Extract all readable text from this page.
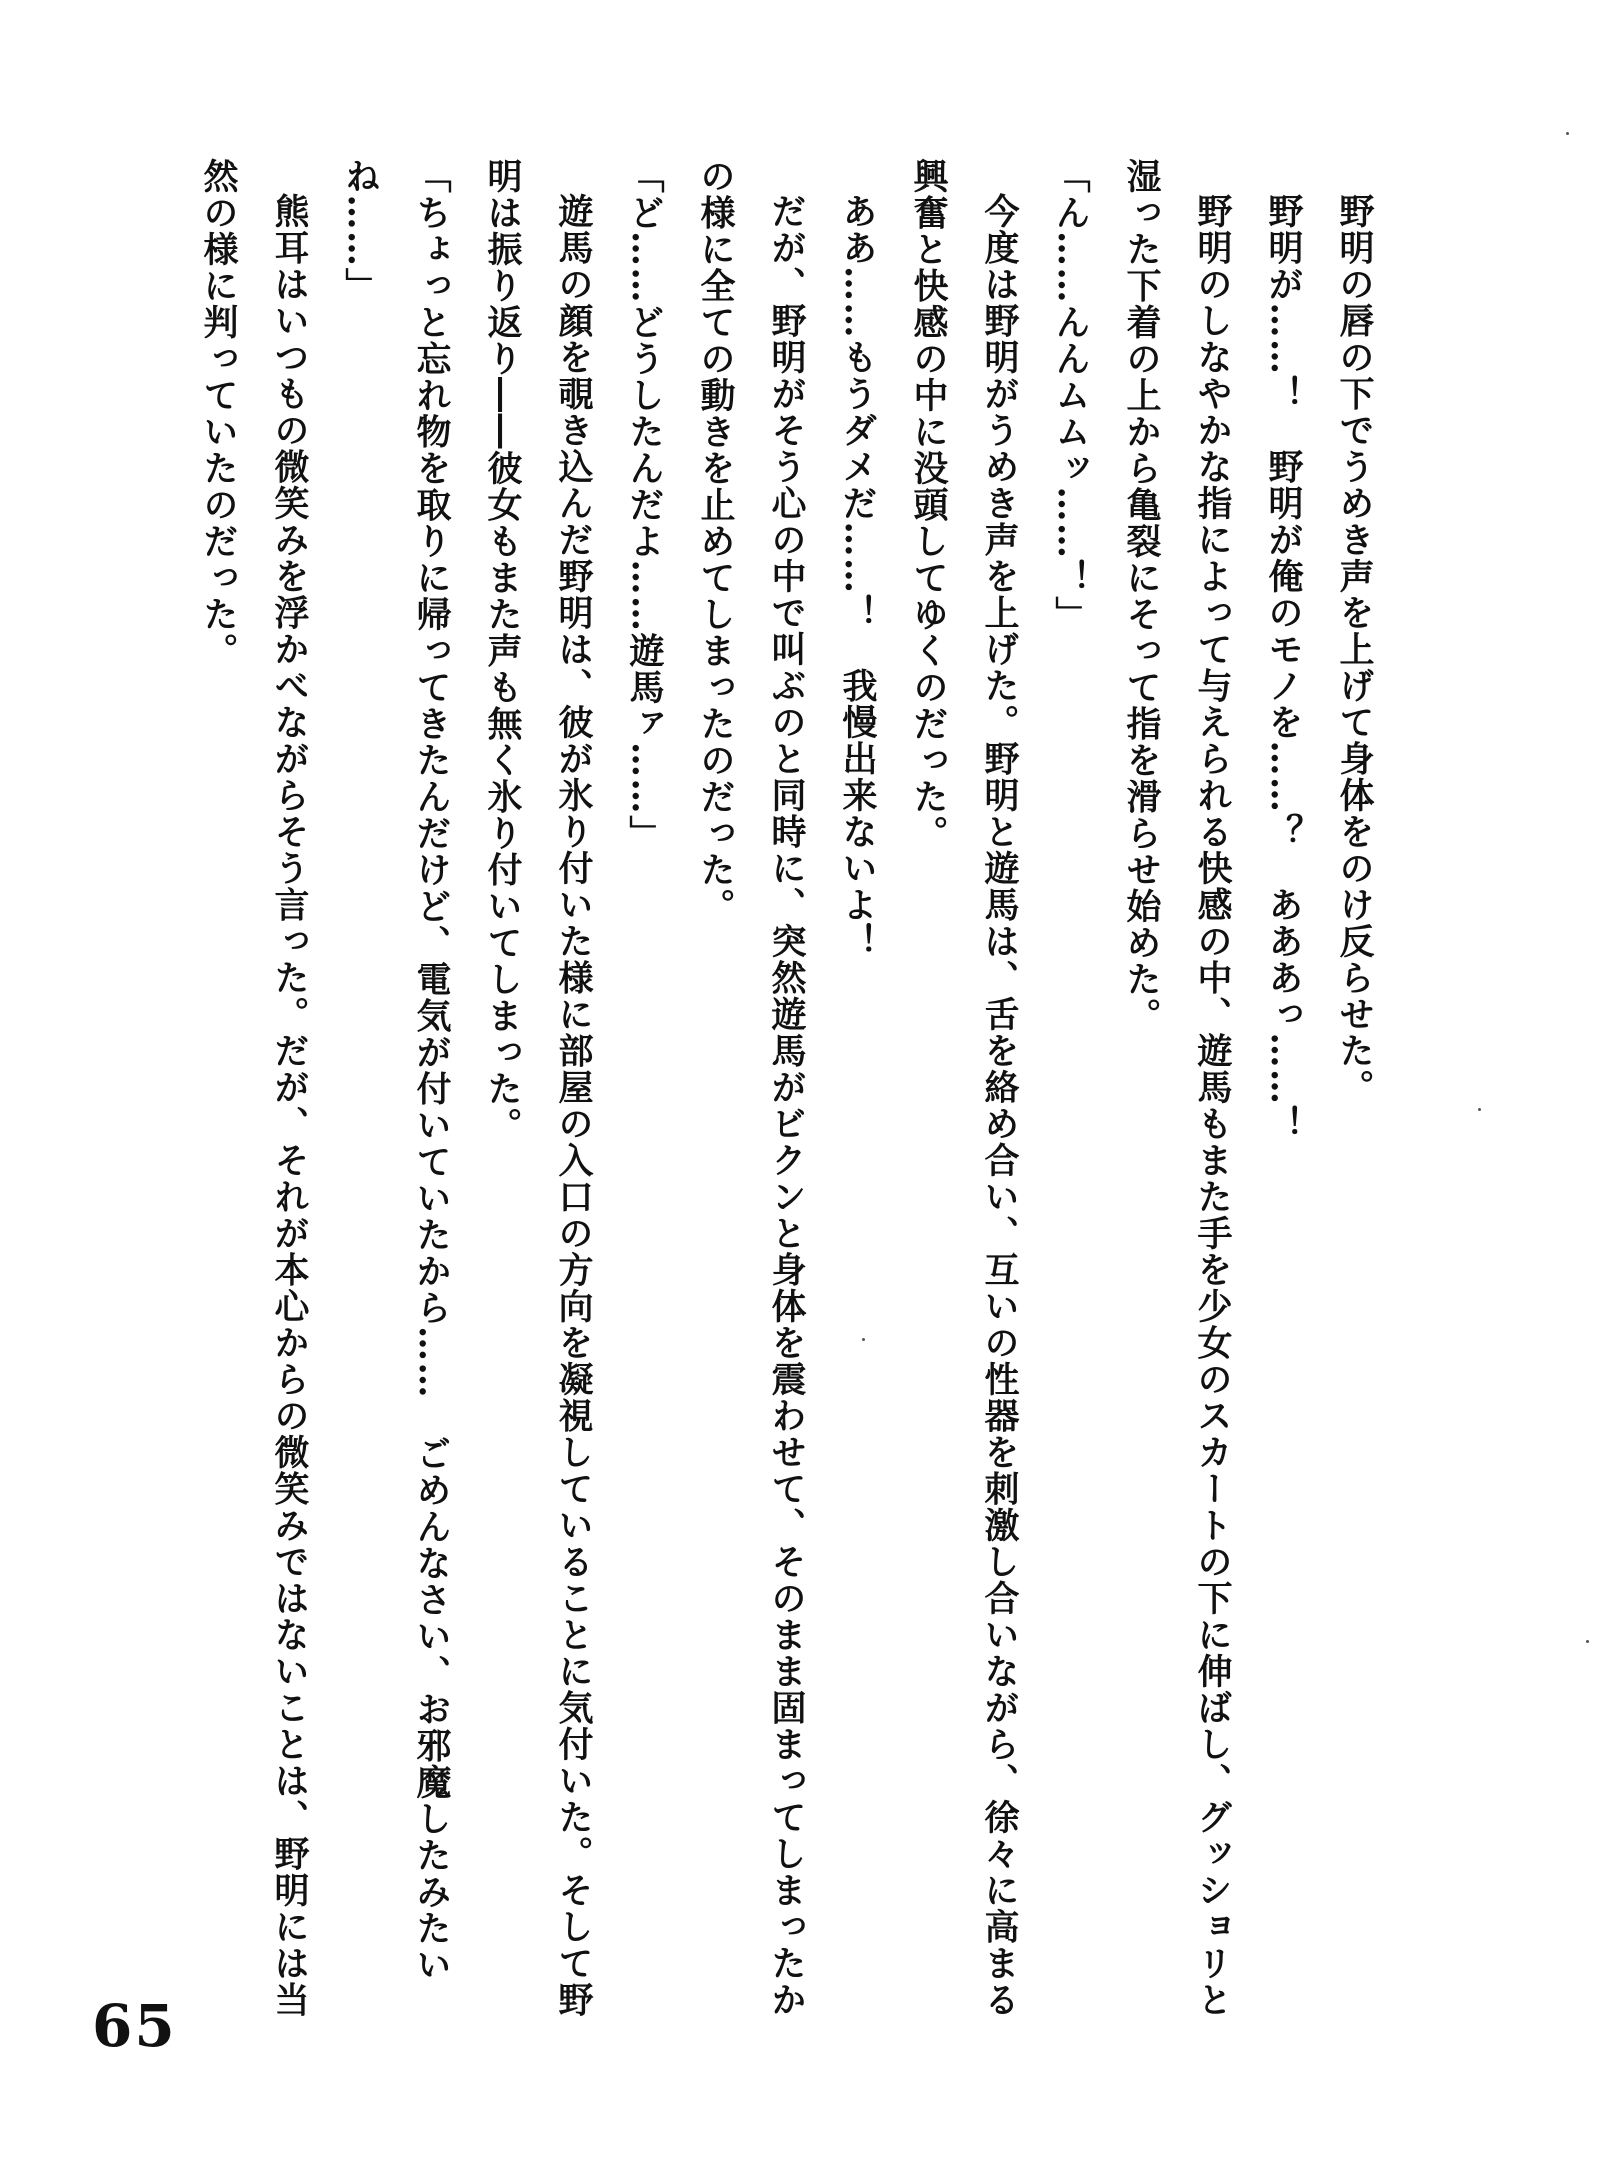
野明の唇の下でうめき声を上げて身体をのけ反らせた。

野明が……！　野明が俺のモノを……？　あああっ……！

野明のしなやかな指によって与えられる快感の中、遊馬もまた手を少女のスカートの下に伸ばし、グッショリと湿った下着の上から亀裂にそって指を滑らせ始めた。

「ん……んんムムッ……！」

今度は野明がうめき声を上げた。野明と遊馬は、舌を絡め合い、互いの性器を刺激し合いながら、徐々に高まる興奮と快感の中に没頭してゆくのだった。

ああ……もうダメだ……！　我慢出来ないよ！

だが、野明がそう心の中で叫ぶのと同時に、突然遊馬がビクンと身体を震わせて、そのまま固まってしまったかの様に全ての動きを止めてしまったのだった。

「ど……どうしたんだよ……遊馬ァ……」

遊馬の顔を覗き込んだ野明は、彼が氷り付いた様に部屋の入口の方向を凝視していることに気付いた。そして野明は振り返り――彼女もまた声も無く氷り付いてしまった。

「ちょっと忘れ物を取りに帰ってきたんだけど、電気が付いていたから……　ごめんなさい、お邪魔したみたいね……」

熊耳はいつもの微笑みを浮かべながらそう言った。だが、それが本心からの微笑みではないことは、野明には当然の様に判っていたのだった。

65
